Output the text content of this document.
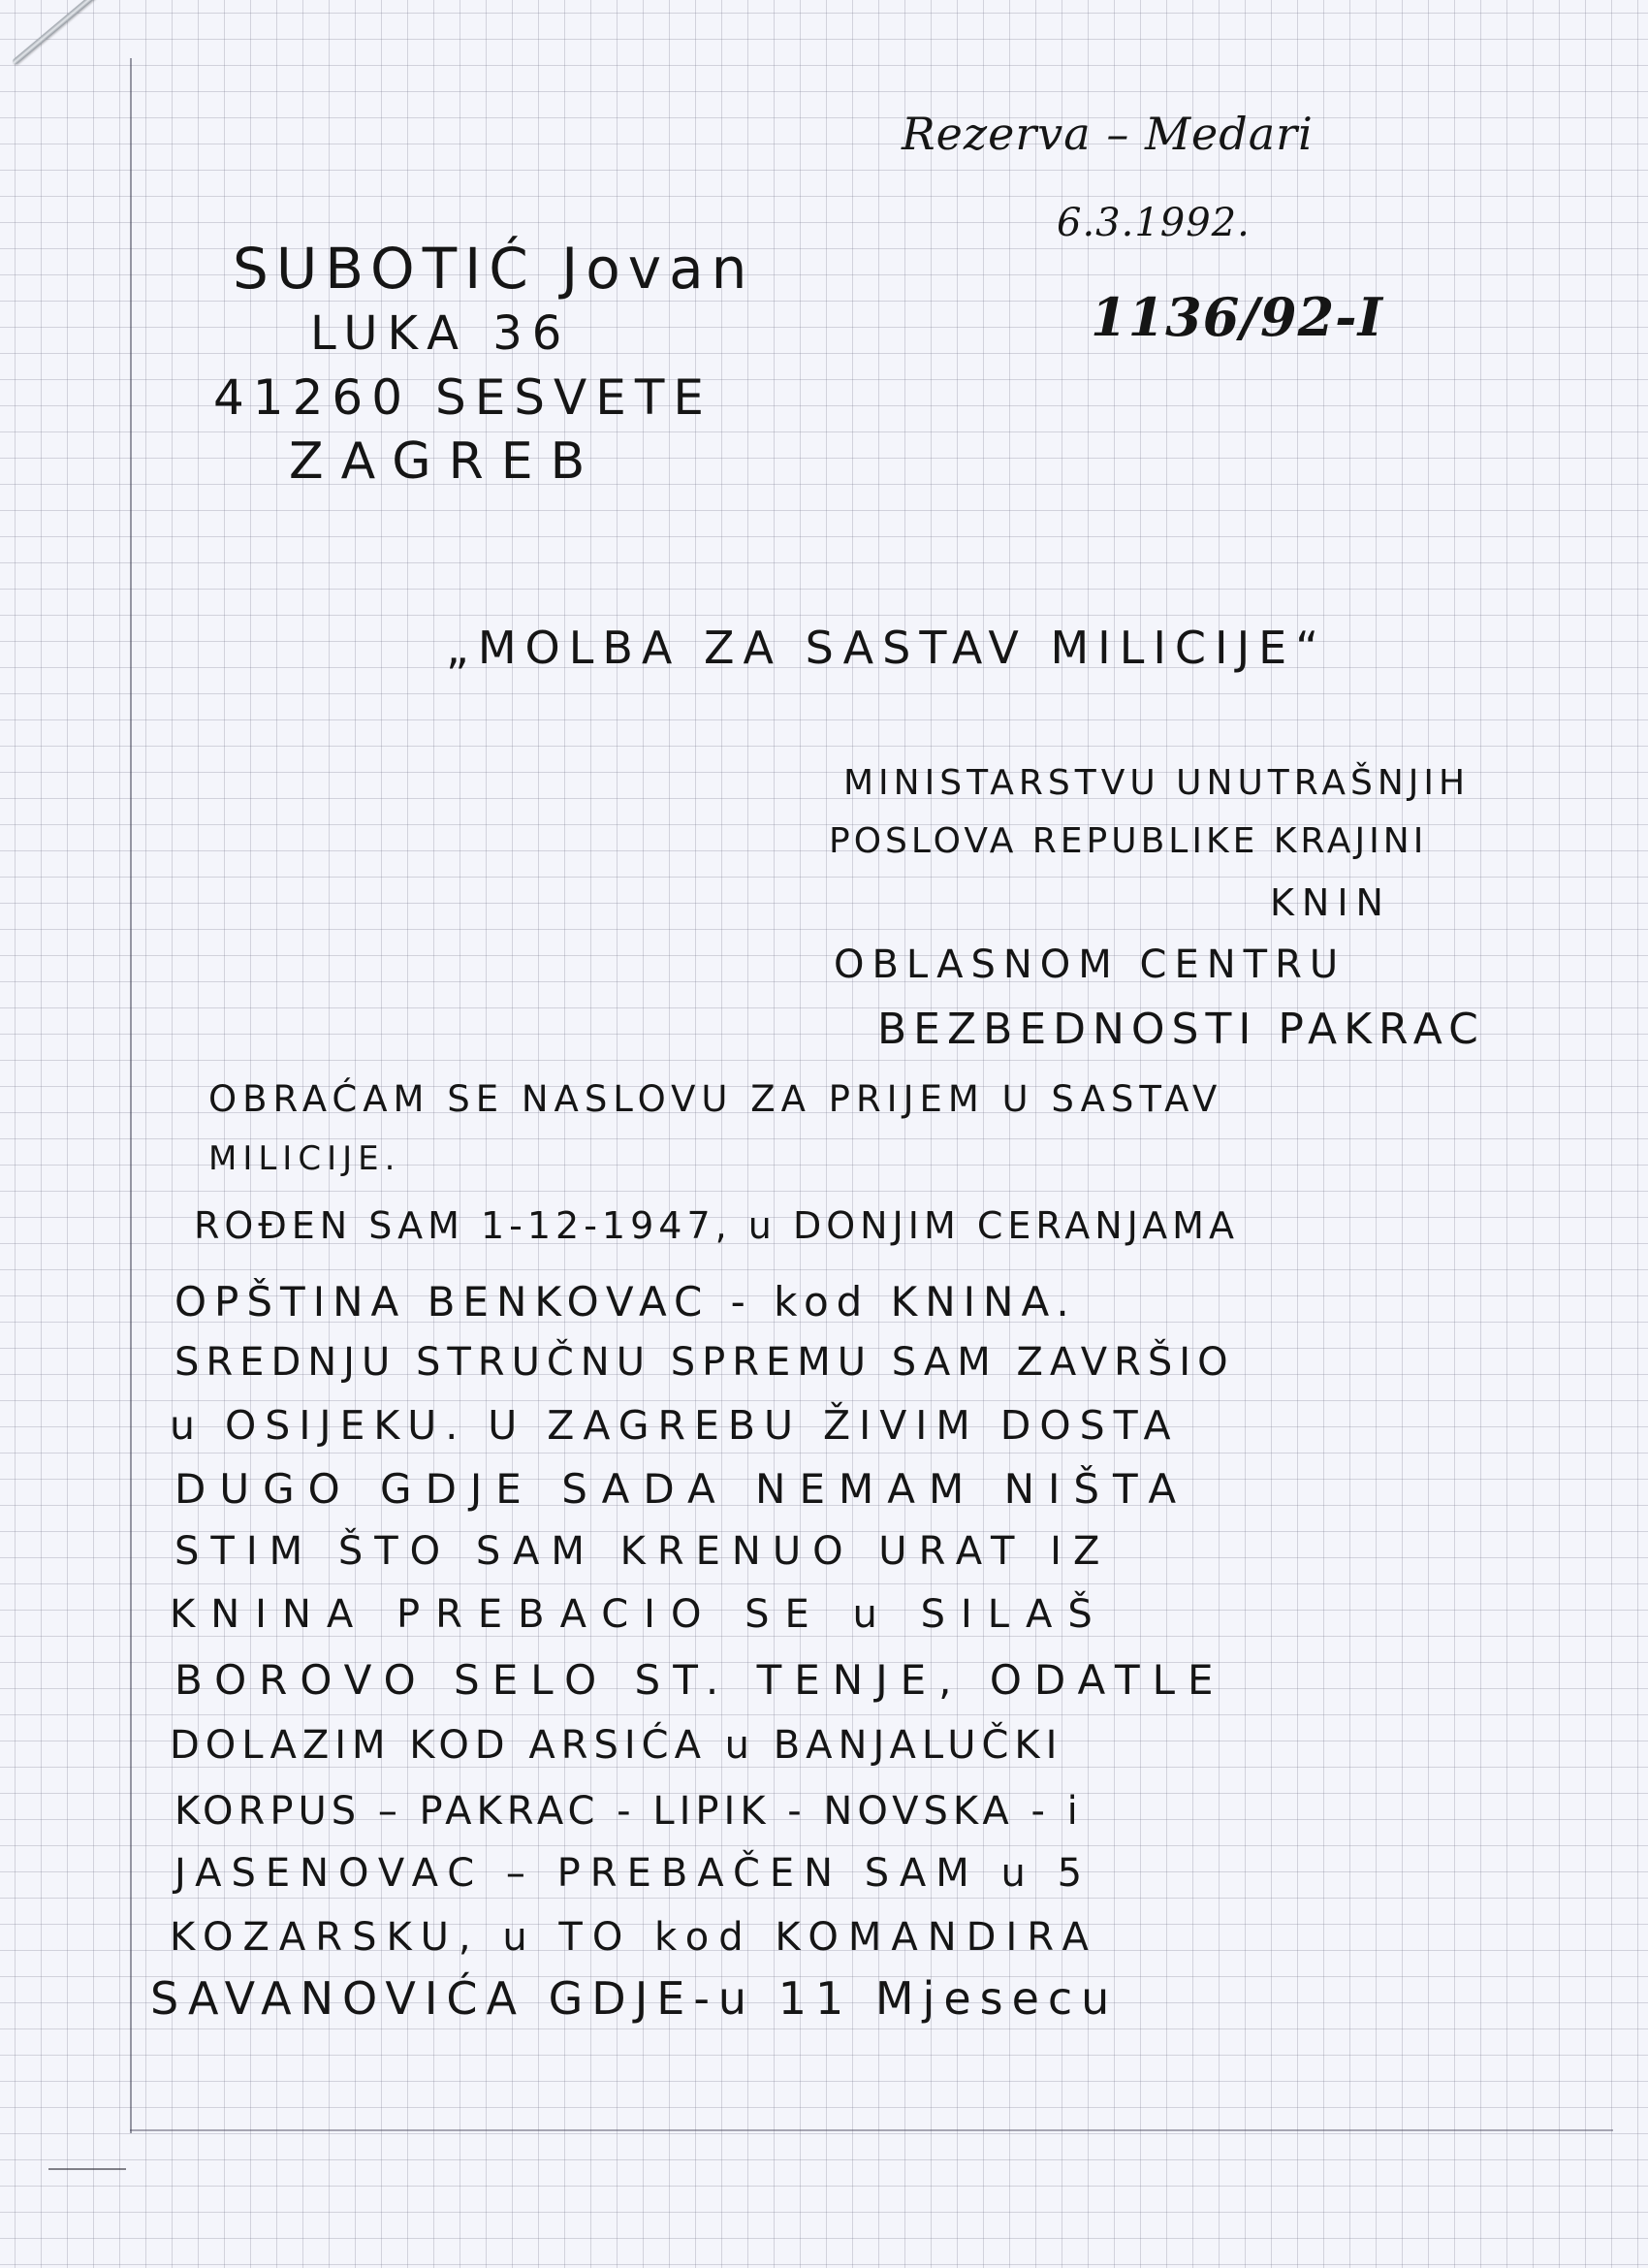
Rezerva – Medari
6.3.1992.
1136/92-I
SUBOTIĆ Jovan
LUKA 36
41260 SESVETE
ZAGREB
„MOLBA ZA SASTAV MILICIJE“
MINISTARSTVU UNUTRAŠNJIH
POSLOVA REPUBLIKE KRAJINI
KNIN
OBLASNOM CENTRU
BEZBEDNOSTI PAKRAC
OBRAĆAM SE NASLOVU ZA PRIJEM U SASTAV
MILICIJE.
ROĐEN SAM 1-12-1947, u DONJIM CERANJAMA
OPŠTINA BENKOVAC - kod KNINA.
SREDNJU STRUČNU SPREMU SAM ZAVRŠIO
u OSIJEKU. U ZAGREBU ŽIVIM DOSTA
DUGO GDJE SADA NEMAM NIŠTA
STIM ŠTO SAM KRENUO URAT IZ
KNINA PREBACIO SE u SILAŠ
BOROVO SELO ST. TENJE, ODATLE
DOLAZIM KOD ARSIĆA u BANJALUČKI
KORPUS – PAKRAC - LIPIK - NOVSKA - i
JASENOVAC – PREBAČEN SAM u 5
KOZARSKU, u TO kod KOMANDIRA
SAVANOVIĆA GDJE-u 11 Mjesecu
